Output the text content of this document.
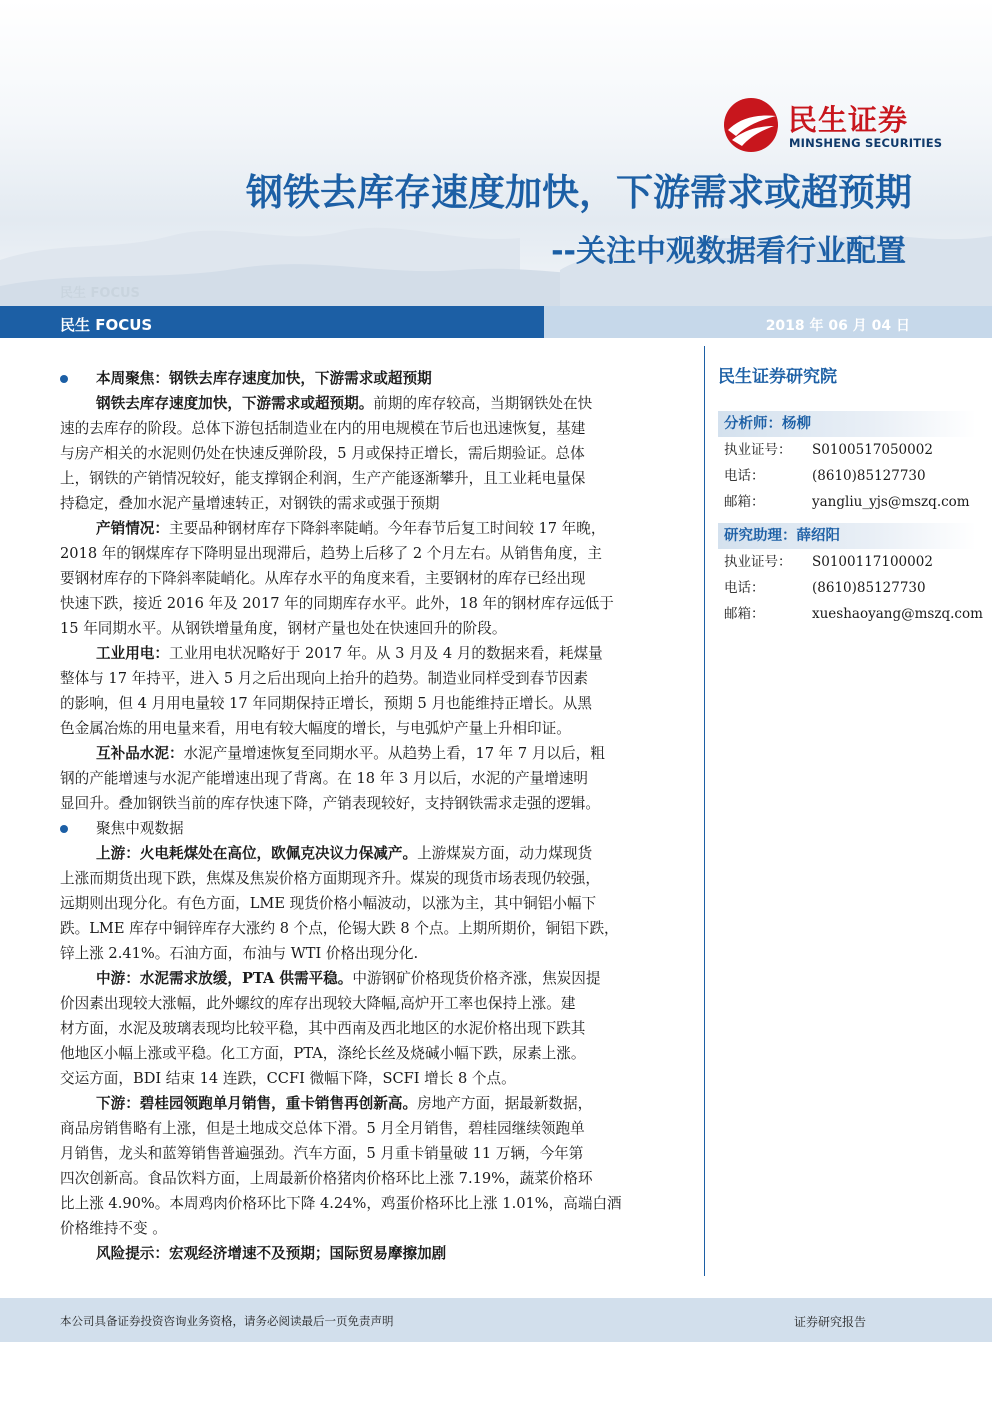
民生证券
MINSHENG SECURITIES
钢铁去库存速度加快，下游需求或超预期
--关注中观数据看行业配置
民生 FOCUS
民生 FOCUS	2018 年 06 月 04 日
本周聚焦：钢铁去库存速度加快，下游需求或超预期
钢铁去库存速度加快，下游需求或超预期。前期的库存较高，当期钢铁处在快
速的去库存的阶段。总体下游包括制造业在内的用电规模在节后也迅速恢复，基建
与房产相关的水泥则仍处在快速反弹阶段，5 月或保持正增长，需后期验证。总体
上，钢铁的产销情况较好，能支撑钢企利润，生产产能逐渐攀升，且工业耗电量保
持稳定，叠加水泥产量增速转正，对钢铁的需求或强于预期
产销情况：主要品种钢材库存下降斜率陡峭。今年春节后复工时间较 17 年晚，
2018 年的钢煤库存下降明显出现滞后，趋势上后移了 2 个月左右。从销售角度，主
要钢材库存的下降斜率陡峭化。从库存水平的角度来看，主要钢材的库存已经出现
快速下跌，接近 2016 年及 2017 年的同期库存水平。此外，18 年的钢材库存远低于
15 年同期水平。从钢铁增量角度，钢材产量也处在快速回升的阶段。
工业用电：工业用电状况略好于 2017 年。从 3 月及 4 月的数据来看，耗煤量
整体与 17 年持平，进入 5 月之后出现向上抬升的趋势。制造业同样受到春节因素
的影响，但 4 月用电量较 17 年同期保持正增长，预期 5 月也能维持正增长。从黑
色金属冶炼的用电量来看，用电有较大幅度的增长，与电弧炉产量上升相印证。
互补品水泥：水泥产量增速恢复至同期水平。从趋势上看，17 年 7 月以后，粗
钢的产能增速与水泥产能增速出现了背离。在 18 年 3 月以后，水泥的产量增速明
显回升。叠加钢铁当前的库存快速下降，产销表现较好，支持钢铁需求走强的逻辑。
聚焦中观数据
上游：火电耗煤处在高位，欧佩克决议力保减产。上游煤炭方面，动力煤现货
上涨而期货出现下跌，焦煤及焦炭价格方面期现齐升。煤炭的现货市场表现仍较强，
远期则出现分化。有色方面，LME 现货价格小幅波动，以涨为主，其中铜铝小幅下
跌。LME 库存中铜锌库存大涨约 8 个点，伦锡大跌 8 个点。上期所期价，铜铝下跌，
锌上涨 2.41%。石油方面，布油与 WTI 价格出现分化.
中游：水泥需求放缓，PTA 供需平稳。中游钢矿价格现货价格齐涨，焦炭因提
价因素出现较大涨幅，此外螺纹的库存出现较大降幅,高炉开工率也保持上涨。建
材方面，水泥及玻璃表现均比较平稳，其中西南及西北地区的水泥价格出现下跌其
他地区小幅上涨或平稳。化工方面，PTA，涤纶长丝及烧碱小幅下跌，尿素上涨。
交运方面，BDI 结束 14 连跌，CCFI 微幅下降，SCFI 增长 8 个点。
下游：碧桂园领跑单月销售，重卡销售再创新高。房地产方面，据最新数据，
商品房销售略有上涨，但是土地成交总体下滑。5 月全月销售，碧桂园继续领跑单
月销售，龙头和蓝筹销售普遍强劲。汽车方面，5 月重卡销量破 11 万辆，今年第
四次创新高。食品饮料方面，上周最新价格猪肉价格环比上涨 7.19%，蔬菜价格环
比上涨 4.90%。本周鸡肉价格环比下降 4.24%，鸡蛋价格环比上涨 1.01%，高端白酒
价格维持不变 。
风险提示：宏观经济增速不及预期；国际贸易摩擦加剧
民生证券研究院
分析师：杨柳
执业证号： S0100517050002
电话：	(8610)85127730
邮箱：	yangliu_yjs@mszq.com
研究助理：薛绍阳
执业证号： S0100117100002
电话：	(8610)85127730
邮箱：	xueshaoyang@mszq.com
本公司具备证券投资咨询业务资格，请务必阅读最后一页免责声明	证券研究报告
